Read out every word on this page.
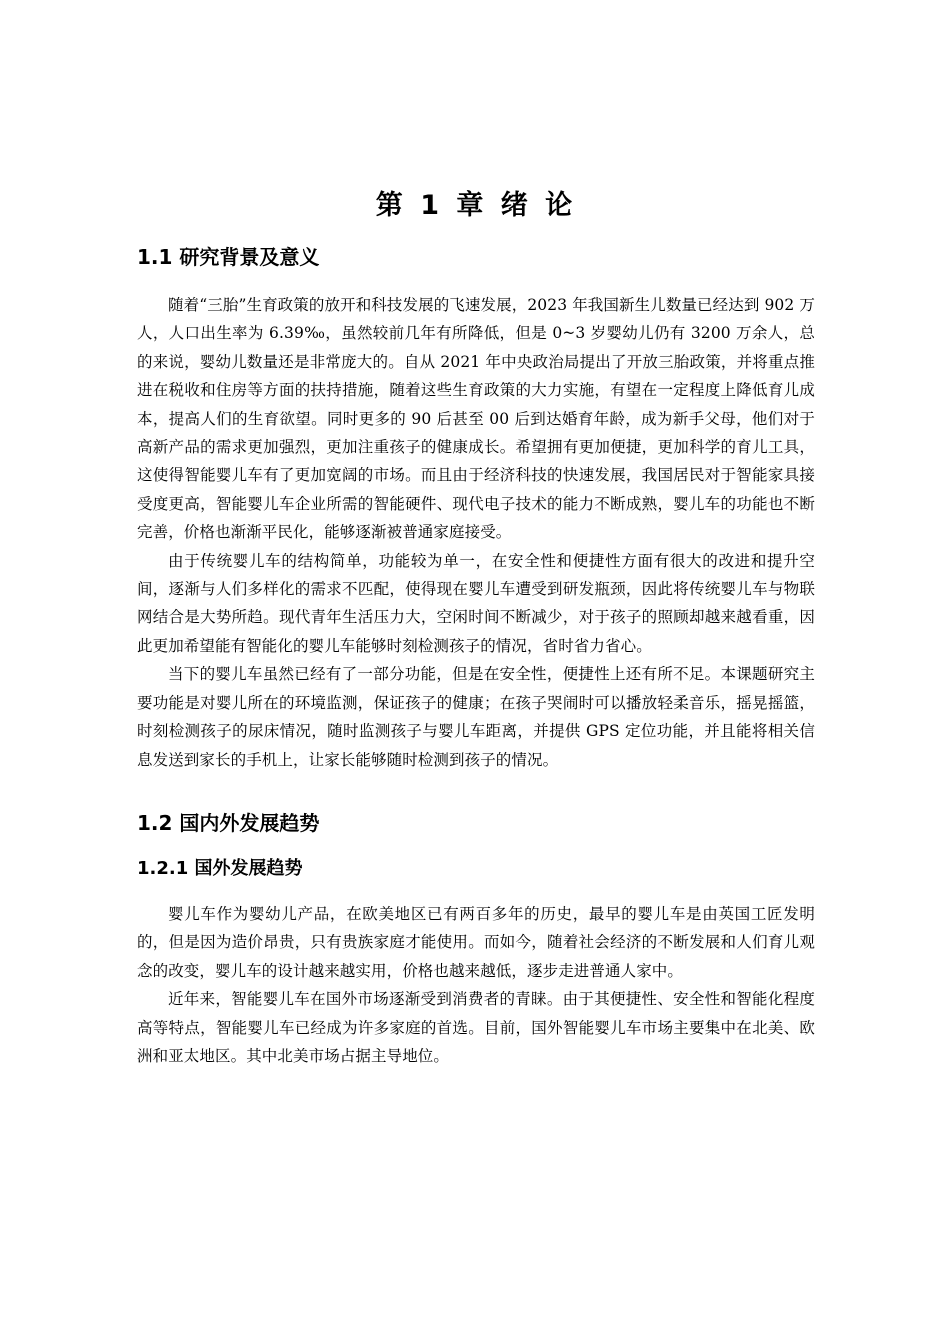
第 1 章 绪 论
1.1 研究背景及意义

随着“三胎”生育政策的放开和科技发展的飞速发展，2023 年我国新生儿数量已经达到 902 万人，人口出生率为 6.39‰，虽然较前几年有所降低，但是 0~3 岁婴幼儿仍有 3200 万余人，总的来说，婴幼儿数量还是非常庞大的。自从 2021 年中央政治局提出了开放三胎政策，并将重点推进在税收和住房等方面的扶持措施，随着这些生育政策的大力实施，有望在一定程度上降低育儿成本，提高人们的生育欲望。同时更多的 90 后甚至 00 后到达婚育年龄，成为新手父母，他们对于高新产品的需求更加强烈，更加注重孩子的健康成长。希望拥有更加便捷，更加科学的育儿工具，这使得智能婴儿车有了更加宽阔的市场。而且由于经济科技的快速发展，我国居民对于智能家具接受度更高，智能婴儿车企业所需的智能硬件、现代电子技术的能力不断成熟，婴儿车的功能也不断完善，价格也渐渐平民化，能够逐渐被普通家庭接受。

由于传统婴儿车的结构简单，功能较为单一，在安全性和便捷性方面有很大的改进和提升空间，逐渐与人们多样化的需求不匹配，使得现在婴儿车遭受到研发瓶颈，因此将传统婴儿车与物联网结合是大势所趋。现代青年生活压力大，空闲时间不断减少，对于孩子的照顾却越来越看重，因此更加希望能有智能化的婴儿车能够时刻检测孩子的情况，省时省力省心。

当下的婴儿车虽然已经有了一部分功能，但是在安全性，便捷性上还有所不足。本课题研究主要功能是对婴儿所在的环境监测，保证孩子的健康；在孩子哭闹时可以播放轻柔音乐，摇晃摇篮，时刻检测孩子的尿床情况，随时监测孩子与婴儿车距离，并提供 GPS 定位功能，并且能将相关信息发送到家长的手机上，让家长能够随时检测到孩子的情况。

1.2 国内外发展趋势
1.2.1 国外发展趋势

婴儿车作为婴幼儿产品，在欧美地区已有两百多年的历史，最早的婴儿车是由英国工匠发明的，但是因为造价昂贵，只有贵族家庭才能使用。而如今，随着社会经济的不断发展和人们育儿观念的改变，婴儿车的设计越来越实用，价格也越来越低，逐步走进普通人家中。

近年来，智能婴儿车在国外市场逐渐受到消费者的青睐。由于其便捷性、安全性和智能化程度高等特点，智能婴儿车已经成为许多家庭的首选。目前，国外智能婴儿车市场主要集中在北美、欧洲和亚太地区。其中北美市场占据主导地位。
